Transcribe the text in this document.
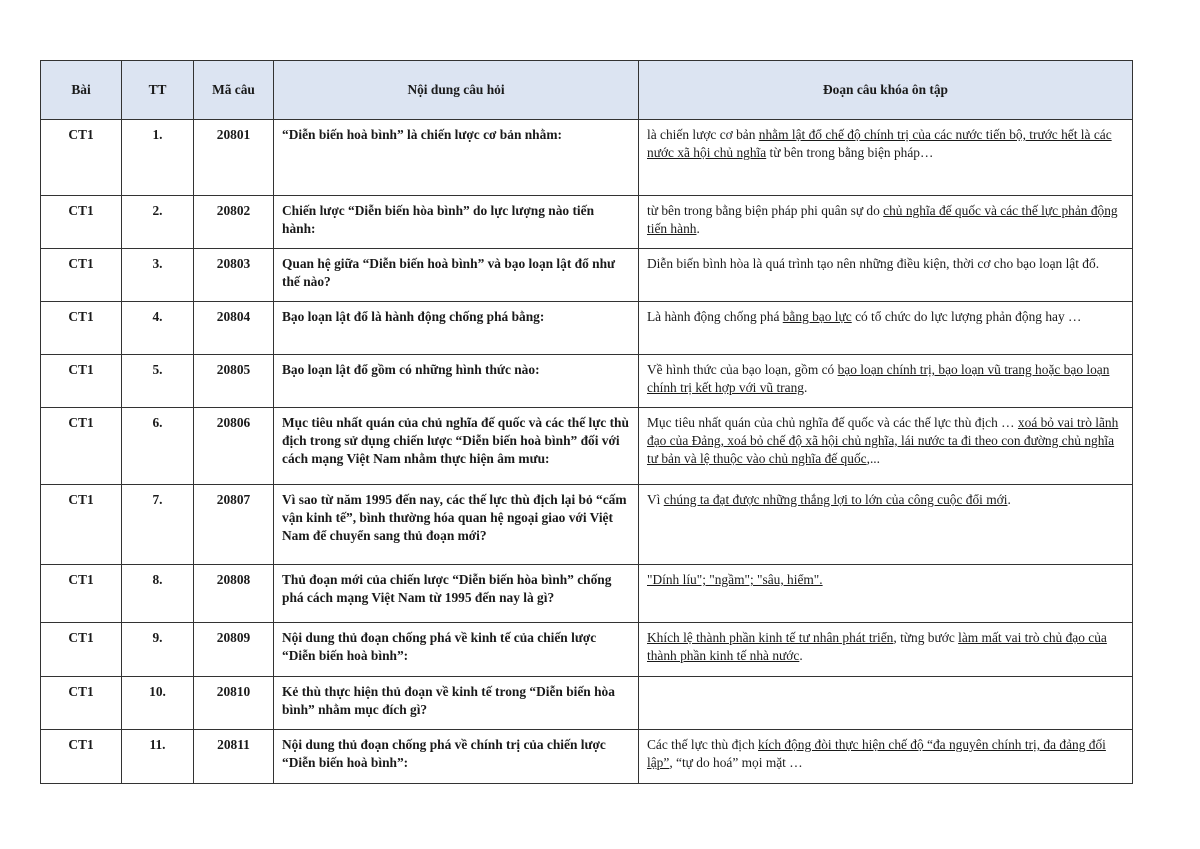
Bài	TT	Mã câu	Nội dung câu hỏi	Đoạn câu khóa ôn tập

CT1	1.	20801	“Diễn biến hoà bình” là chiến lược cơ bản nhằm:	là chiến lược cơ bản nhằm lật đổ chế độ chính trị của các nước tiến bộ, trước hết là các nước xã hội chủ nghĩa từ bên trong bằng biện pháp…

CT1	2.	20802	Chiến lược “Diễn biến hòa bình” do lực lượng nào tiến hành:	từ bên trong bằng biện pháp phi quân sự do chủ nghĩa đế quốc và các thế lực phản động tiến hành.

CT1	3.	20803	Quan hệ giữa “Diễn biến hoà bình” và bạo loạn lật đổ như thế nào?	Diễn biến bình hòa là quá trình tạo nên những điều kiện, thời cơ cho bạo loạn lật đổ.

CT1	4.	20804	Bạo loạn lật đổ là hành động chống phá bằng:	Là hành động chống phá bằng bạo lực có tổ chức do lực lượng phản động hay …

CT1	5.	20805	Bạo loạn lật đổ gồm có những hình thức nào:	Về hình thức của bạo loạn, gồm có bạo loạn chính trị, bạo loạn vũ trang hoặc bạo loạn chính trị kết hợp với vũ trang.

CT1	6.	20806	Mục tiêu nhất quán của chủ nghĩa đế quốc và các thế lực thù địch trong sử dụng chiến lược “Diễn biến hoà bình” đối với cách mạng Việt Nam nhằm thực hiện âm mưu:	Mục tiêu nhất quán của chủ nghĩa đế quốc và các thế lực thù địch … xoá bỏ vai trò lãnh đạo của Đảng, xoá bỏ chế độ xã hội chủ nghĩa, lái nước ta đi theo con đường chủ nghĩa tư bản và lệ thuộc vào chủ nghĩa đế quốc,...

CT1	7.	20807	Vì sao từ năm 1995 đến nay, các thế lực thù địch lại bỏ “cấm vận kinh tế”, bình thường hóa quan hệ ngoại giao với Việt Nam để chuyển sang thủ đoạn mới?	Vì chúng ta đạt được những thắng lợi to lớn của công cuộc đổi mới.

CT1	8.	20808	Thủ đoạn mới của chiến lược “Diễn biến hòa bình” chống phá cách mạng Việt Nam từ 1995 đến nay là gì?	"Dính líu"; "ngầm"; "sâu, hiểm".

CT1	9.	20809	Nội dung thủ đoạn chống phá về kinh tế của chiến lược “Diễn biến hoà bình”:	Khích lệ thành phần kinh tế tư nhân phát triển, từng bước làm mất vai trò chủ đạo của thành phần kinh tế nhà nước.

CT1	10.	20810	Kẻ thù thực hiện thủ đoạn về kinh tế trong “Diễn biến hòa bình” nhằm mục đích gì?	

CT1	11.	20811	Nội dung thủ đoạn chống phá về chính trị của chiến lược “Diễn biến hoà bình”:	Các thế lực thù địch kích động đòi thực hiện chế độ “đa nguyên chính trị, đa đảng đối lập”, “tự do hoá” mọi mặt …
